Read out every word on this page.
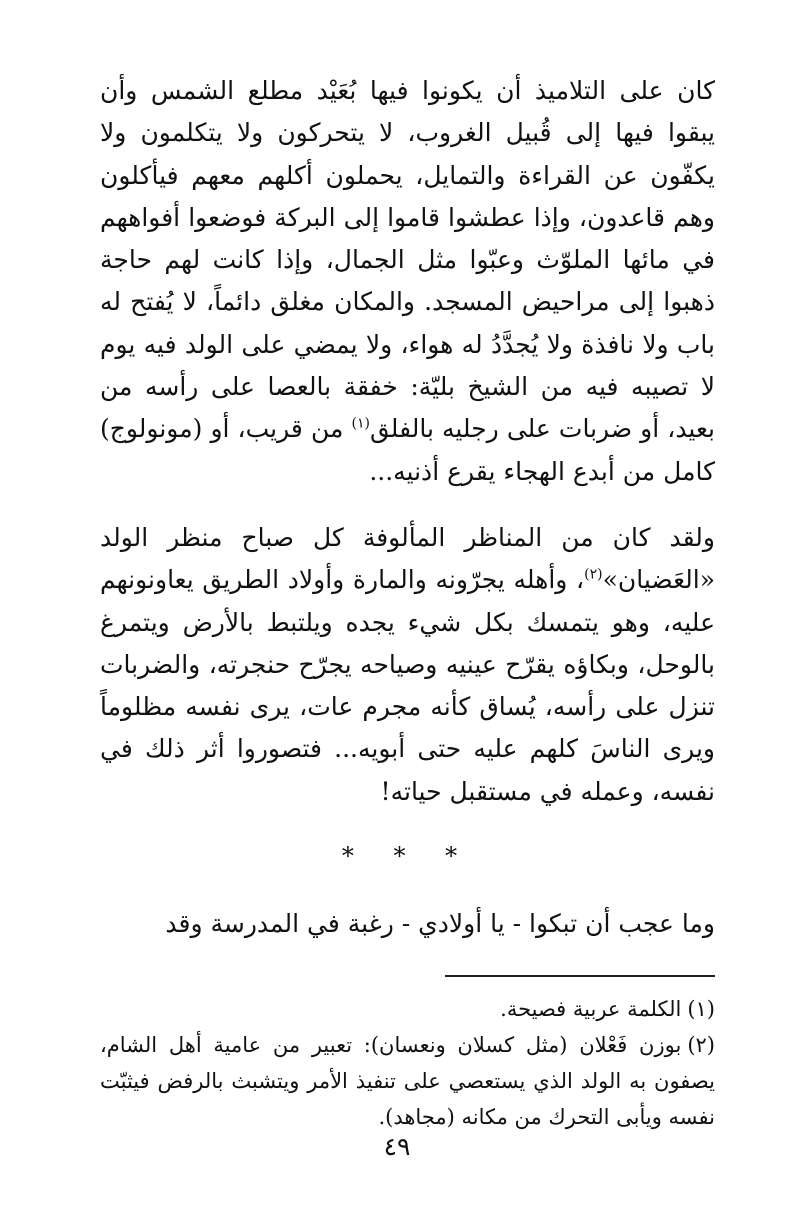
كان على التلاميذ أن يكونوا فيها بُعَيْد مطلع الشمس وأن يبقوا فيها إلى قُبيل الغروب، لا يتحركون ولا يتكلمون ولا يكفّون عن القراءة والتمايل، يحملون أكلهم معهم فيأكلون وهم قاعدون، وإذا عطشوا قاموا إلى البركة فوضعوا أفواههم في مائها الملوّث وعبّوا مثل الجمال، وإذا كانت لهم حاجة ذهبوا إلى مراحيض المسجد. والمكان مغلق دائماً، لا يُفتح له باب ولا نافذة ولا يُجدَّدُ له هواء، ولا يمضي على الولد فيه يوم لا تصيبه فيه من الشيخ بليّة: خفقة بالعصا على رأسه من بعيد، أو ضربات على رجليه بالفلق$^{(١)}$ من قريب، أو (مونولوج) كامل من أبدع الهجاء يقرع أذنيه...

ولقد كان من المناظر المألوفة كل صباح منظر الولد «العَضيان»$^{(٢)}$، وأهله يجرّونه والمارة وأولاد الطريق يعاونونهم عليه، وهو يتمسك بكل شيء يجده ويلتبط بالأرض ويتمرغ بالوحل، وبكاؤه يقرّح عينيه وصياحه يجرّح حنجرته، والضربات تنزل على رأسه، يُساق كأنه مجرم عات، يرى نفسه مظلوماً ويرى الناسَ كلهم عليه حتى أبويه... فتصوروا أثر ذلك في نفسه، وعمله في مستقبل حياته!

* * *

وما عجب أن تبكوا - يا أولادي - رغبة في المدرسة وقد

(١)الكلمة عربية فصيحة.

(٢)بوزن فَعْلان (مثل كسلان ونعسان): تعبير من عامية أهل الشام، يصفون به الولد الذي يستعصي على تنفيذ الأمر ويتشبث بالرفض فيثبّت نفسه ويأبى التحرك من مكانه (مجاهد).

٤٩
